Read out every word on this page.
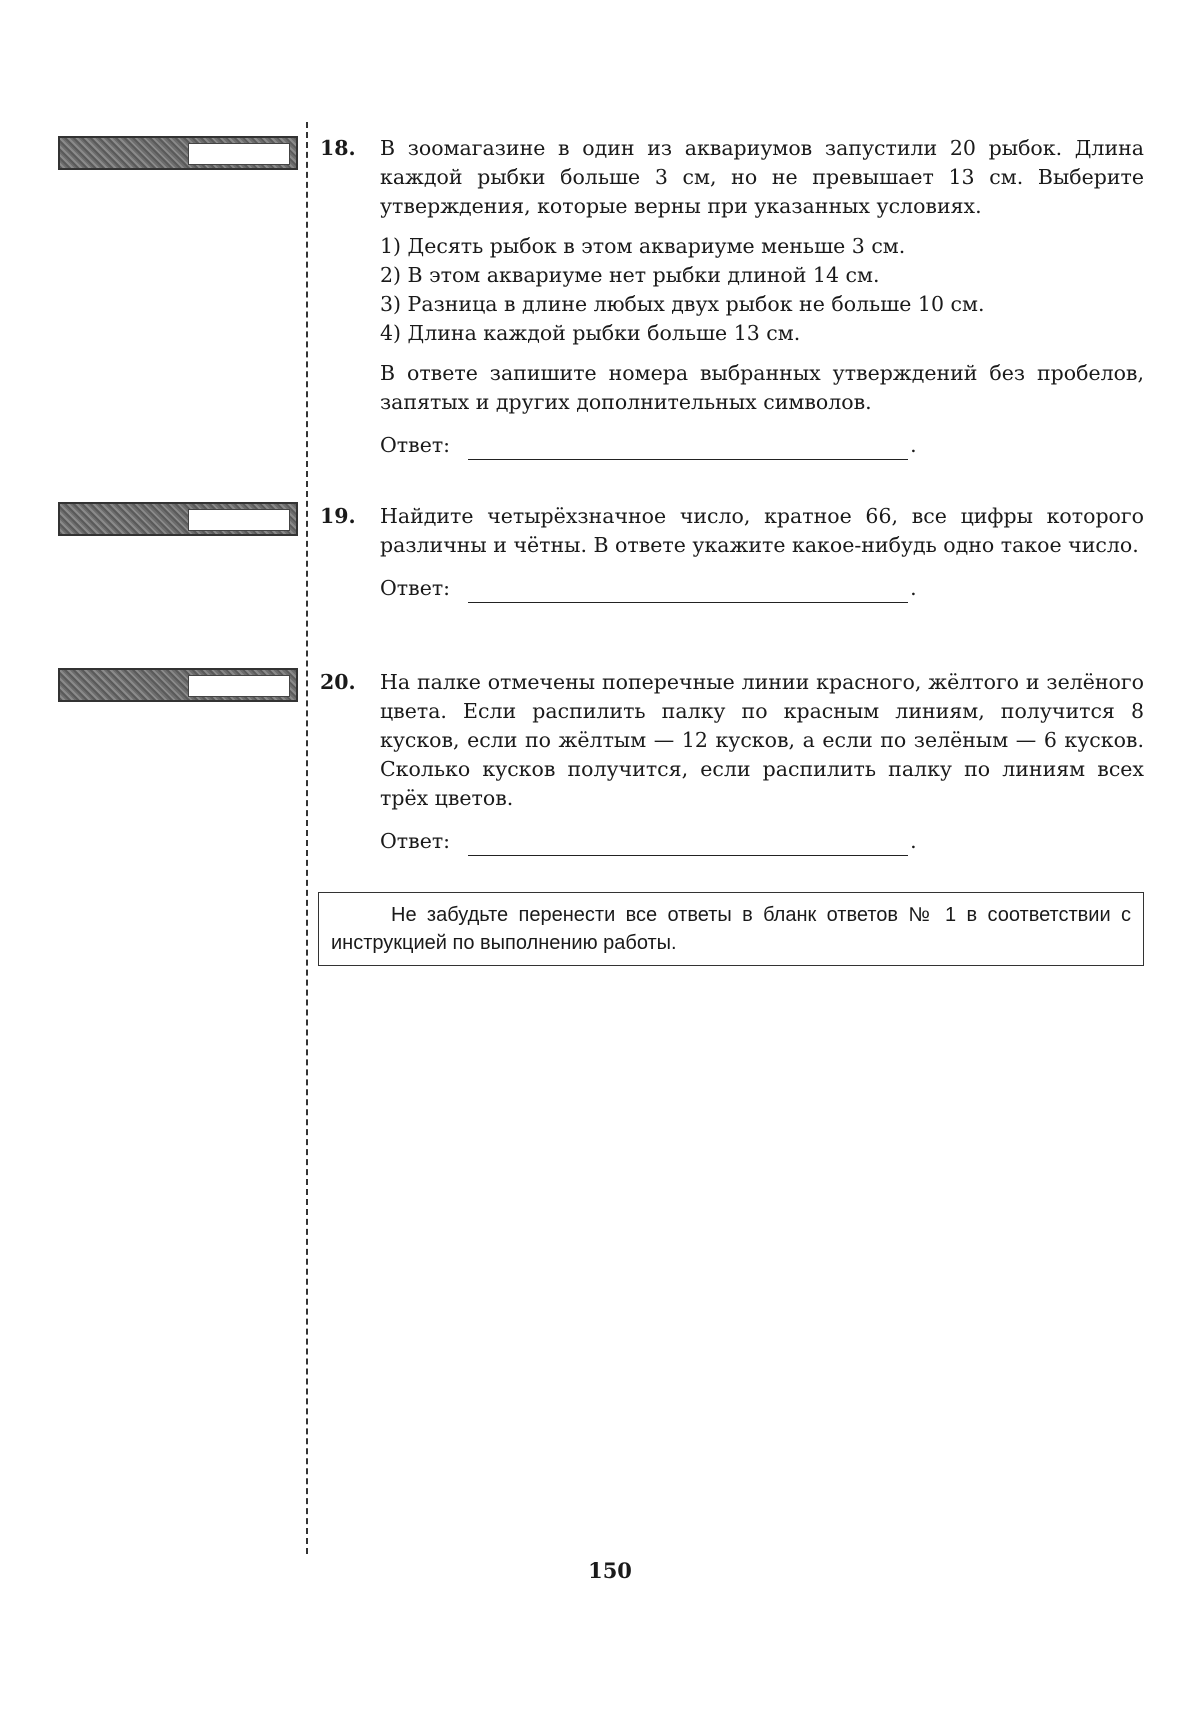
18. В зоомагазине в один из аквариумов запустили 20 рыбок. Длина каждой рыбки больше 3 см, но не превышает 13 см. Выберите утверждения, которые верны при указанных условиях.

1) Десять рыбок в этом аквариуме меньше 3 см.
2) В этом аквариуме нет рыбки длиной 14 см.
3) Разница в длине любых двух рыбок не больше 10 см.
4) Длина каждой рыбки больше 13 см.

В ответе запишите номера выбранных утверждений без пробелов, запятых и других дополнительных символов.

Ответ:	.
19. Найдите четырёхзначное число, кратное 66, все цифры которого различны и чётны. В ответе укажите какое-нибудь одно такое число.

Ответ:	.
20. На палке отмечены поперечные линии красного, жёлтого и зелёного цвета. Если распилить палку по красным линиям, получится 8 кусков, если по жёлтым — 12 кусков, а если по зелёным — 6 кусков. Сколько кусков получится, если распилить палку по линиям всех трёх цветов.

Ответ:	.
Не забудьте перенести все ответы в бланк ответов № 1 в соответствии с инструкцией по выполнению работы.
150
